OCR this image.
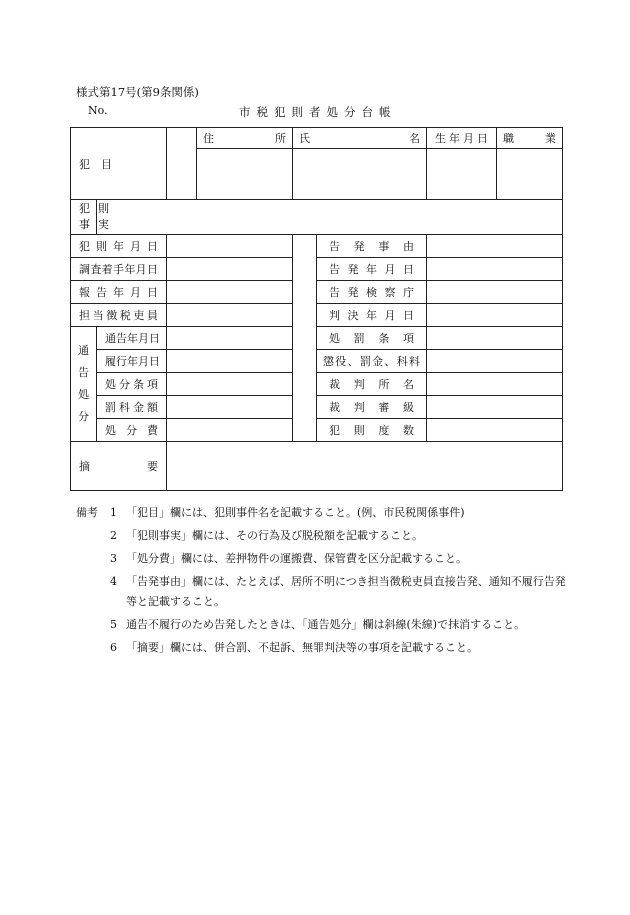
様式第17号(第9条関係)
No.	市税犯則者処分台帳
犯　目			住 所	氏 名		生年月日	職 業

犯則
事実							

犯則年月日					告発事由		
調査着手年月日					告発年月日		
報告年月日					告発検察庁		
担当徴税吏員					判決年月日		

通
告
処
分	通告年月日				処罰条項		
	履行年月日				懲役、罰金、科料		
	処分条項				裁判所名		
	罰科金額				裁判審級		
	処分費				犯則度数		

摘 要							

備考 1 「犯目」欄には、犯則事件名を記載すること。(例、市民税関係事件)
2 「犯則事実」欄には、その行為及び脱税額を記載すること。
3 「処分費」欄には、差押物件の運搬費、保管費を区分記載すること。
4 「告発事由」欄には、たとえば、居所不明につき担当徴税吏員直接告発、通知不履行告発等と記載すること。
5 通告不履行のため告発したときは、「通告処分」欄は斜線(朱線)で抹消すること。
6 「摘要」欄には、併合罰、不起訴、無罪判決等の事項を記載すること。
